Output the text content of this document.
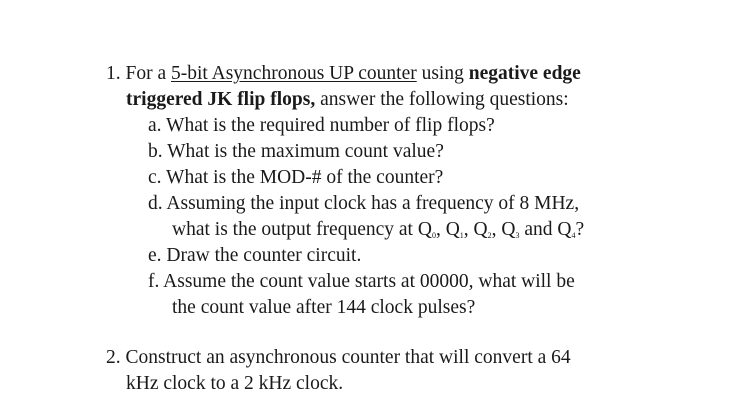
1. For a 5-bit Asynchronous UP counter using negative edge
triggered JK flip flops, answer the following questions:
a. What is the required number of flip flops?
b. What is the maximum count value?
c. What is the MOD-# of the counter?
d. Assuming the input clock has a frequency of 8 MHz,
what is the output frequency at $Q_0$, $Q_1$, $Q_2$, $Q_3$ and $Q_4$?
e. Draw the counter circuit.
f. Assume the count value starts at 00000, what will be
the count value after 144 clock pulses?
2. Construct an asynchronous counter that will convert a 64
kHz clock to a 2 kHz clock.
